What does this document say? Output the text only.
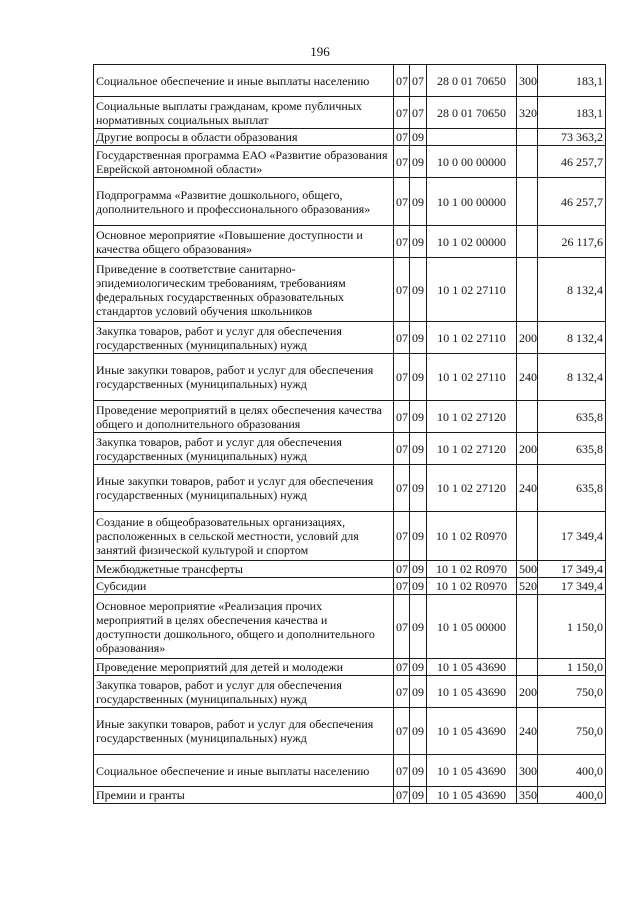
196
Социальное обеспечение и иные выплаты населению	07	07	28 0 01 70650	300	183,1
Социальные выплаты гражданам, кроме публичных нормативных социальных выплат	07	07	28 0 01 70650	320	183,1
Другие вопросы в области образования	07	09			73 363,2
Государственная программа ЕАО «Развитие образования Еврейской автономной области»	07	09	10 0 00 00000		46 257,7
Подпрограмма «Развитие дошкольного, общего, дополнительного и профессионального образования»	07	09	10 1 00 00000		46 257,7
Основное мероприятие «Повышение доступности и качества общего образования»	07	09	10 1 02 00000		26 117,6
Приведение в соответствие санитарно-эпидемиологическим требованиям, требованиям федеральных государственных образовательных стандартов условий обучения школьников	07	09	10 1 02 27110		8 132,4
Закупка товаров, работ и услуг для обеспечения государственных (муниципальных) нужд	07	09	10 1 02 27110	200	8 132,4
Иные закупки товаров, работ и услуг для обеспечения государственных (муниципальных) нужд	07	09	10 1 02 27110	240	8 132,4
Проведение мероприятий в целях обеспечения качества общего и дополнительного образования	07	09	10 1 02 27120		635,8
Закупка товаров, работ и услуг для обеспечения государственных (муниципальных) нужд	07	09	10 1 02 27120	200	635,8
Иные закупки товаров, работ и услуг для обеспечения государственных (муниципальных) нужд	07	09	10 1 02 27120	240	635,8
Создание в общеобразовательных организациях, расположенных в сельской местности, условий для занятий физической культурой и спортом	07	09	10 1 02 R0970		17 349,4
Межбюджетные трансферты	07	09	10 1 02 R0970	500	17 349,4
Субсидии	07	09	10 1 02 R0970	520	17 349,4
Основное мероприятие «Реализация прочих мероприятий в целях обеспечения качества и доступности дошкольного, общего и дополнительного образования»	07	09	10 1 05 00000		1 150,0
Проведение мероприятий для детей и молодежи	07	09	10 1 05 43690		1 150,0
Закупка товаров, работ и услуг для обеспечения государственных (муниципальных) нужд	07	09	10 1 05 43690	200	750,0
Иные закупки товаров, работ и услуг для обеспечения государственных (муниципальных) нужд	07	09	10 1 05 43690	240	750,0
Социальное обеспечение и иные выплаты населению	07	09	10 1 05 43690	300	400,0
Премии и гранты	07	09	10 1 05 43690	350	400,0
